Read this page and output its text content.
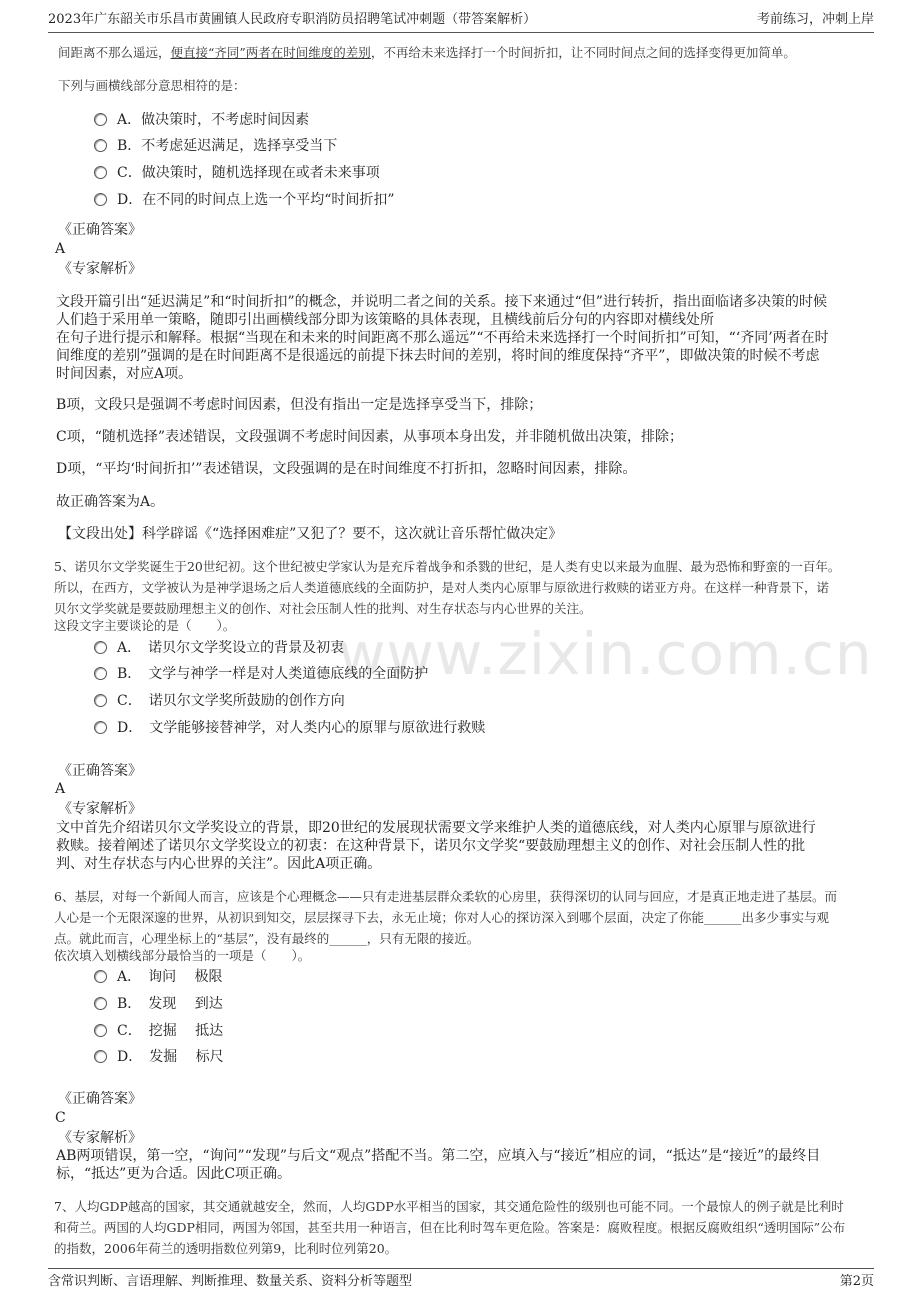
2023年广东韶关市乐昌市黄圃镇人民政府专职消防员招聘笔试冲刺题（带答案解析）	考前练习，冲刺上岸
www.zixin.com.cn
间距离不那么遥远，便直接“齐同”两者在时间维度的差别，不再给未来选择打一个时间折扣，让不同时间点之间的选择变得更加简单。
下列与画横线部分意思相符的是：
A．做决策时，不考虑时间因素
B．不考虑延迟满足，选择享受当下
C．做决策时，随机选择现在或者未来事项
D．在不同的时间点上选一个平均“时间折扣”
《正确答案》
A
《专家解析》
文段开篇引出“延迟满足”和“时间折扣”的概念，并说明二者之间的关系。接下来通过“但”进行转折，指出面临诸多决策的时候
人们趋于采用单一策略，随即引出画横线部分即为该策略的具体表现，且横线前后分句的内容即对横线处所
在句子进行提示和解释。根据“当现在和未来的时间距离不那么遥远”“不再给未来选择打一个时间折扣”可知，“‘齐同’两者在时
间维度的差别”强调的是在时间距离不是很遥远的前提下抹去时间的差别，将时间的维度保持“齐平”，即做决策的时候不考虑
时间因素，对应A项。
B项，文段只是强调不考虑时间因素，但没有指出一定是选择享受当下，排除；
C项，“随机选择”表述错误，文段强调不考虑时间因素，从事项本身出发，并非随机做出决策，排除；
D项，“平均‘时间折扣’”表述错误，文段强调的是在时间维度不打折扣，忽略时间因素，排除。
故正确答案为A。
【文段出处】科学辟谣《“选择困难症”又犯了？要不，这次就让音乐帮忙做决定》
5、诺贝尔文学奖诞生于20世纪初。这个世纪被史学家认为是充斥着战争和杀戮的世纪，是人类有史以来最为血腥、最为恐怖和野蛮的一百年。
所以，在西方，文学被认为是神学退场之后人类道德底线的全面防护，是对人类内心原罪与原欲进行救赎的诺亚方舟。在这样一种背景下，诺
贝尔文学奖就是要鼓励理想主义的创作、对社会压制人性的批判、对生存状态与内心世界的关注。
这段文字主要谈论的是（　　）。
A．　诺贝尔文学奖设立的背景及初衷
B．　文学与神学一样是对人类道德底线的全面防护
C．　诺贝尔文学奖所鼓励的创作方向
D．　文学能够接替神学，对人类内心的原罪与原欲进行救赎
《正确答案》
A
《专家解析》
文中首先介绍诺贝尔文学奖设立的背景，即20世纪的发展现状需要文学来维护人类的道德底线，对人类内心原罪与原欲进行
救赎。接着阐述了诺贝尔文学奖设立的初衷：在这种背景下，诺贝尔文学奖“要鼓励理想主义的创作、对社会压制人性的批
判、对生存状态与内心世界的关注”。因此A项正确。
6、基层，对每一个新闻人而言，应该是个心理概念——只有走进基层群众柔软的心房里，获得深切的认同与回应，才是真正地走进了基层。而
人心是一个无限深邃的世界，从初识到知交，层层探寻下去，永无止境；你对人心的探访深入到哪个层面，决定了你能______出多少事实与观
点。就此而言，心理坐标上的“基层”，没有最终的______，只有无限的接近。
依次填入划横线部分最恰当的一项是（　　）。
A．　询问　 极限
B．　发现　 到达
C．　挖掘　 抵达
D．　发掘　 标尺
《正确答案》
C
《专家解析》
AB两项错误，第一空，“询问”“发现”与后文“观点”搭配不当。第二空，应填入与“接近”相应的词，“抵达”是“接近”的最终目
标，“抵达”更为合适。因此C项正确。
7、人均GDP越高的国家，其交通就越安全，然而，人均GDP水平相当的国家，其交通危险性的级别也可能不同。一个最惊人的例子就是比利时
和荷兰。两国的人均GDP相同，两国为邻国，甚至共用一种语言，但在比利时驾车更危险。答案是：腐败程度。根据反腐败组织“透明国际”公布
的指数，2006年荷兰的透明指数位列第9，比利时位列第20。
含常识判断、言语理解、判断推理、数量关系、资料分析等题型	第2页
